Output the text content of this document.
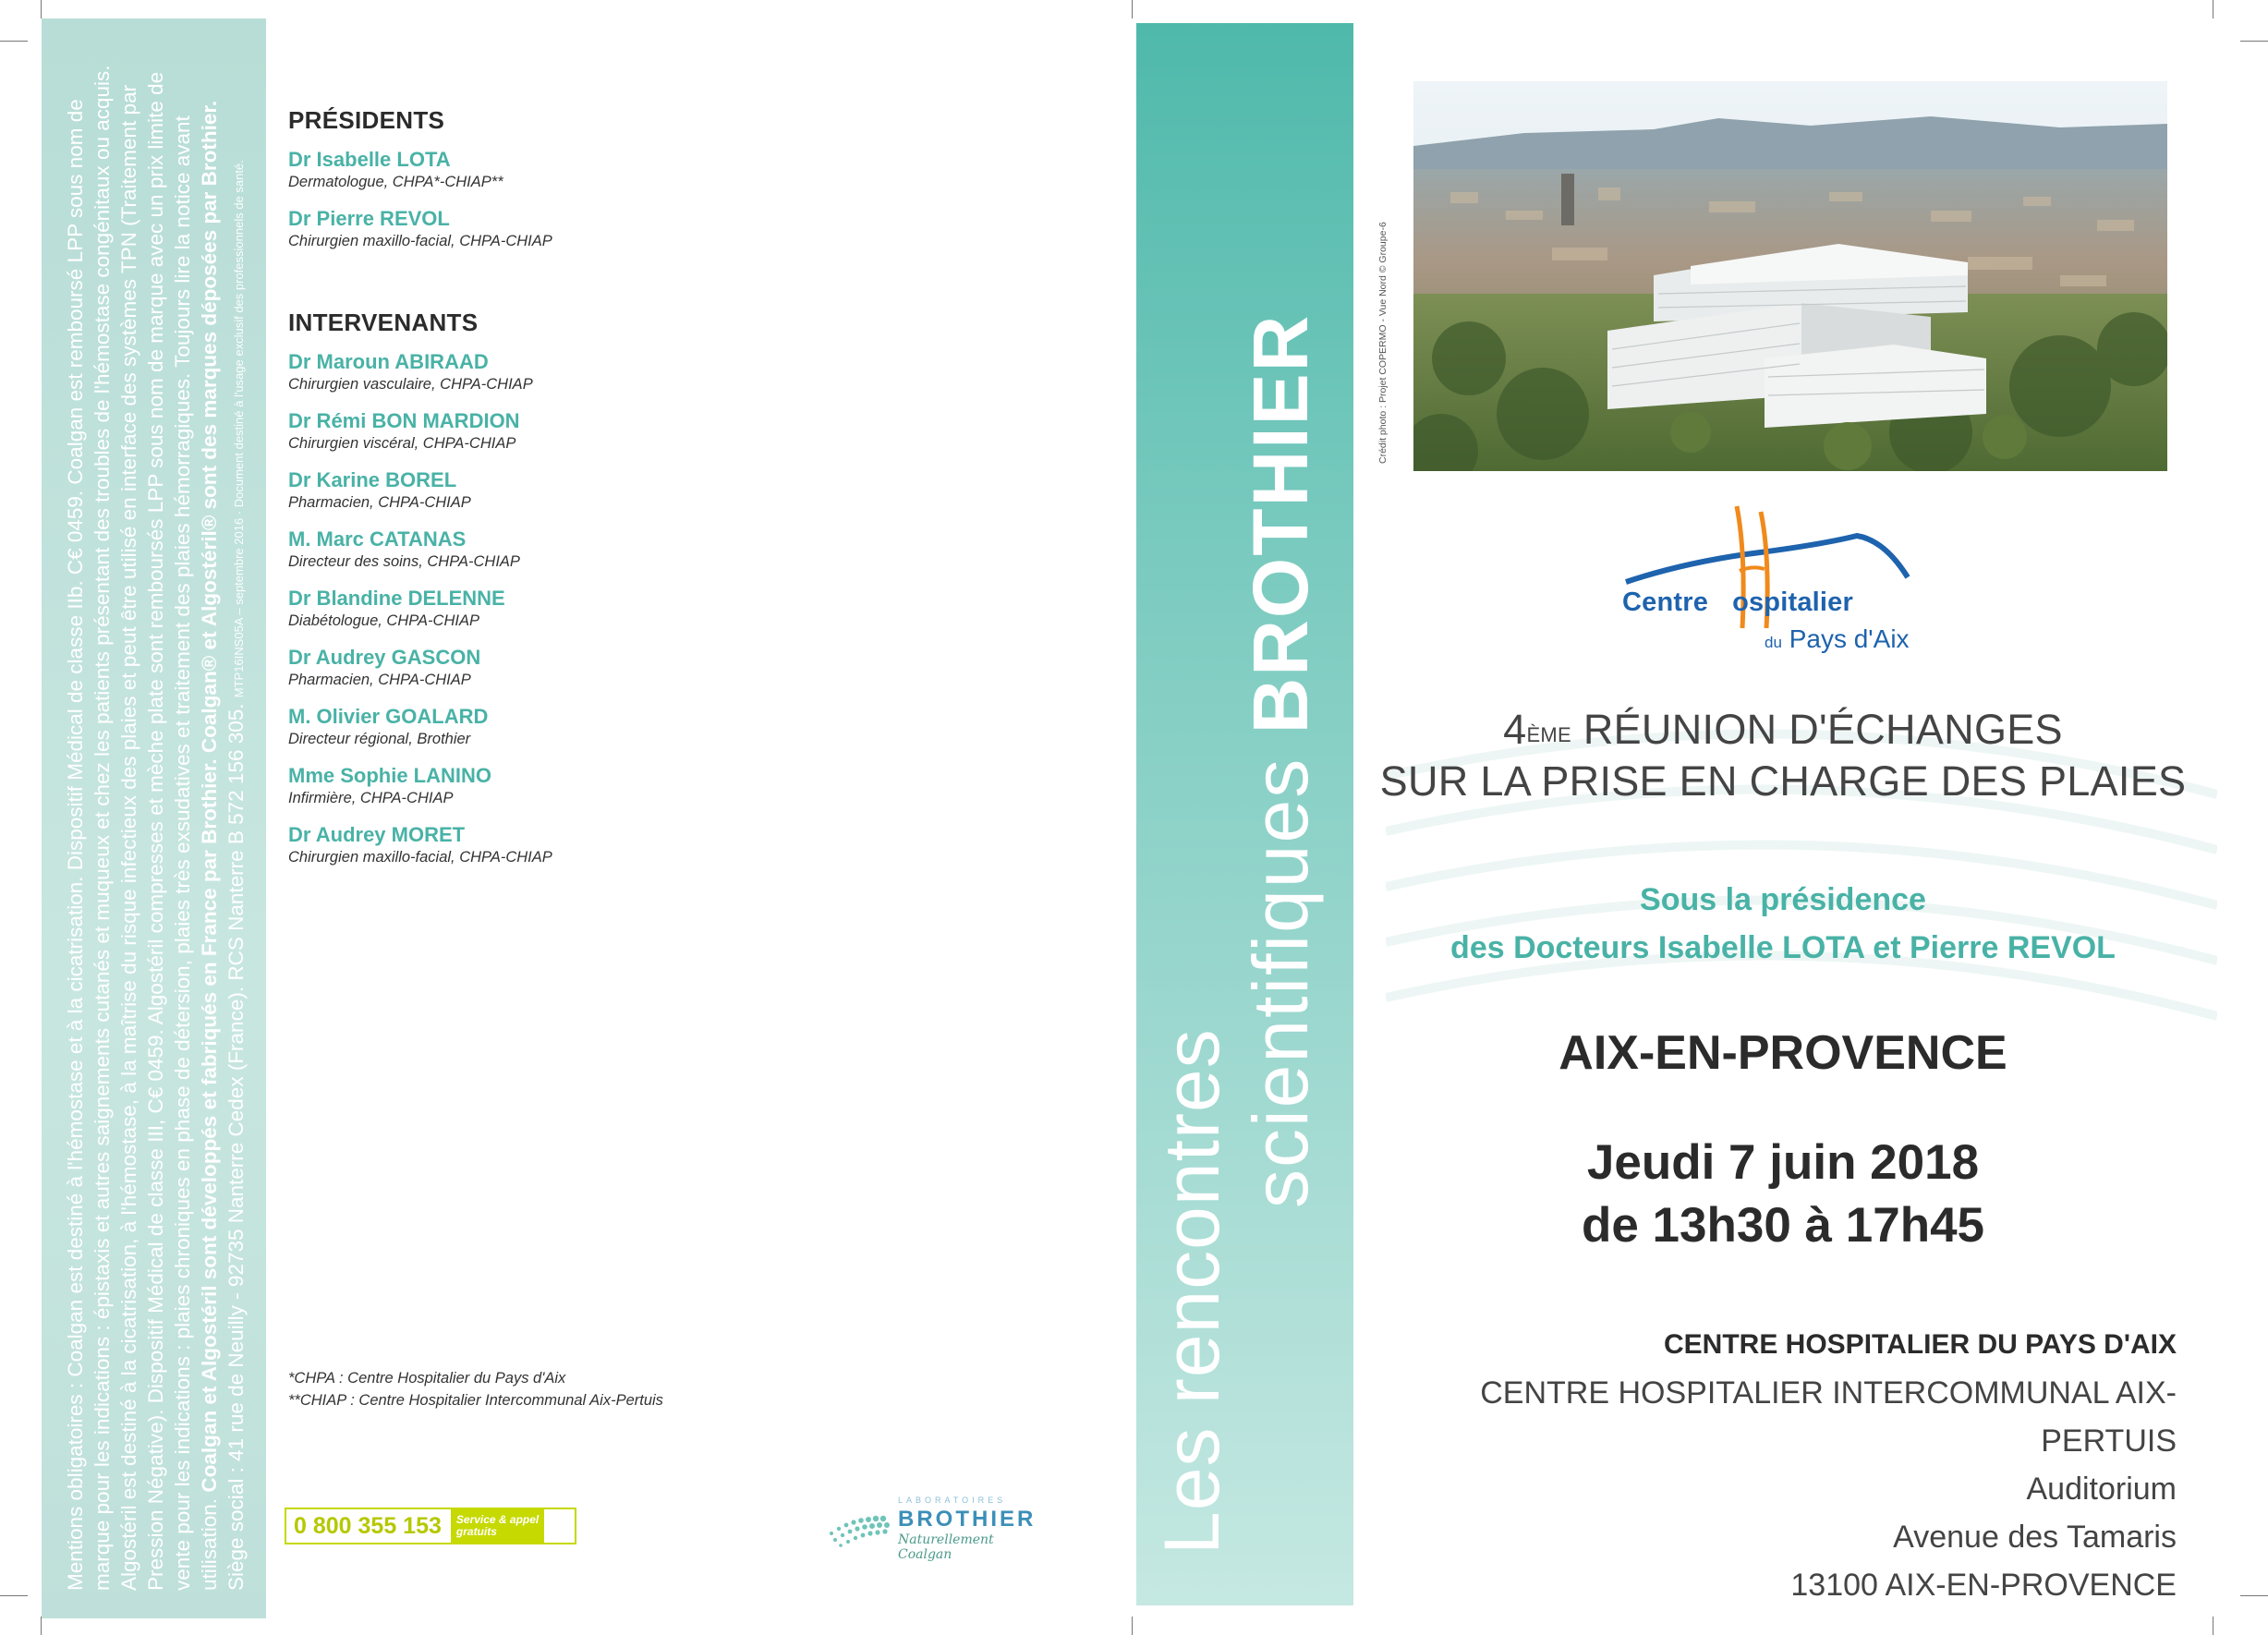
Mentions obligatoires : Coalgan est destiné à l'hémostase et à la cicatrisation. Dispositif Médical de classe IIb. C€ 0459. Coalgan est remboursé LPP sous nom de marque pour les indications : épistaxis et autres saignements cutanés et muqueux et chez les patients présentant des troubles de l'hémostase congénitaux ou acquis. Algostéril est destiné à la cicatrisation, à l'hémostase, à la maîtrise du risque infectieux des plaies et peut être utilisé en interface des systèmes TPN (Traitement par Pression Négative). Dispositif Médical de classe III, C€ 0459. Algostéril compresses et mèche plate sont remboursés LPP sous nom de marque avec un prix limite de vente pour les indications : plaies chroniques en phase de détersion, plaies très exsudatives et traitement des plaies hémorragiques. Toujours lire la notice avant utilisation. Coalgan et Algostéril sont développés et fabriqués en France par Brothier. Coalgan® et Algostéril® sont des marques déposées par Brothier. Siège social : 41 rue de Neuilly - 92735 Nanterre Cedex (France). RCS Nanterre B 572 156 305. MTP16INS05A – septembre 2016 · Document destiné à l'usage exclusif des professionnels de santé.
PRÉSIDENTS
Dr Isabelle LOTA
Dermatologue, CHPA*-CHIAP**
Dr Pierre REVOL
Chirurgien maxillo-facial, CHPA-CHIAP
INTERVENANTS
Dr Maroun ABIRAAD
Chirurgien vasculaire, CHPA-CHIAP
Dr Rémi BON MARDION
Chirurgien viscéral, CHPA-CHIAP
Dr Karine BOREL
Pharmacien, CHPA-CHIAP
M. Marc CATANAS
Directeur des soins, CHPA-CHIAP
Dr Blandine DELENNE
Diabétologue, CHPA-CHIAP
Dr Audrey GASCON
Pharmacien, CHPA-CHIAP
M. Olivier GOALARD
Directeur régional, Brothier
Mme Sophie LANINO
Infirmière, CHPA-CHIAP
Dr Audrey MORET
Chirurgien maxillo-facial, CHPA-CHIAP
*CHPA : Centre Hospitalier du Pays d'Aix
**CHIAP : Centre Hospitalier Intercommunal Aix-Pertuis
0 800 355 153	Service & appel
gratuits
LABORATOIRES
BROTHIER
Naturellement Coalgan	Les rencontres
scientifiques BROTHIER	Crédit photo : Projet COPERMO - Vue Nord © Groupe-6
Centre ospitalier
du Pays d'Aix
4ÈME RÉUNION D'ÉCHANGES
SUR LA PRISE EN CHARGE DES PLAIES
Sous la présidence
des Docteurs Isabelle LOTA et Pierre REVOL
AIX-EN-PROVENCE
Jeudi 7 juin 2018
de 13h30 à 17h45
CENTRE HOSPITALIER DU PAYS D'AIX
CENTRE HOSPITALIER INTERCOMMUNAL AIX-PERTUIS
Auditorium
Avenue des Tamaris
13100 AIX-EN-PROVENCE
